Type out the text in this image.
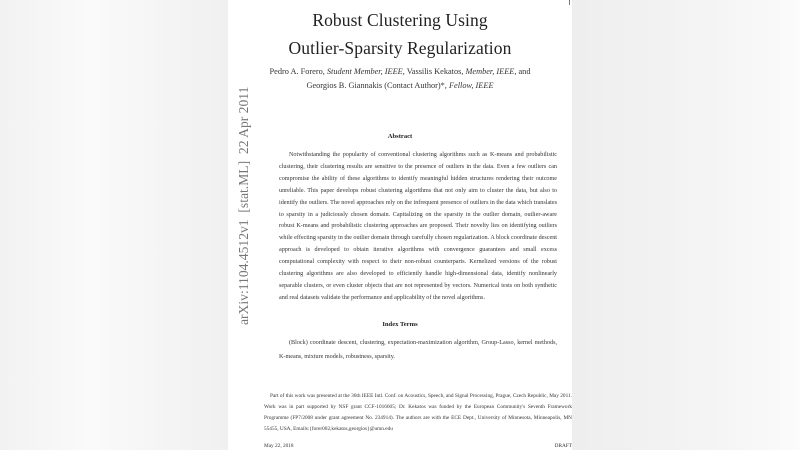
Robust Clustering Using
Outlier-Sparsity Regularization
Pedro A. Forero, Student Member, IEEE, Vassilis Kekatos, Member, IEEE, and
Georgios B. Giannakis (Contact Author)*, Fellow, IEEE
Abstract
Notwithstanding the popularity of conventional clustering algorithms such as K-means and probabilistic clustering, their clustering results are sensitive to the presence of outliers in the data. Even a few outliers can compromise the ability of these algorithms to identify meaningful hidden structures rendering their outcome unreliable. This paper develops robust clustering algorithms that not only aim to cluster the data, but also to identify the outliers. The novel approaches rely on the infrequent presence of outliers in the data which translates to sparsity in a judiciously chosen domain. Capitalizing on the sparsity in the outlier domain, outlier-aware robust K-means and probabilistic clustering approaches are proposed. Their novelty lies on identifying outliers while effecting sparsity in the outlier domain through carefully chosen regularization. A block coordinate descent approach is developed to obtain iterative algorithms with convergence guarantees and small excess computational complexity with respect to their non-robust counterparts. Kernelized versions of the robust clustering algorithms are also developed to efficiently handle high-dimensional data, identify nonlinearly separable clusters, or even cluster objects that are not represented by vectors. Numerical tests on both synthetic and real datasets validate the performance and applicability of the novel algorithms.
Index Terms
(Block) coordinate descent, clustering, expectation-maximization algorithm, Group-Lasso, kernel methods, K-means, mixture models, robustness, sparsity.
Part of this work was presented at the 36th IEEE Intl. Conf. on Acoustics, Speech, and Signal Processing, Prague, Czech Republic, May 2011. Work was in part supported by NSF grant CCF-1016605; Dr. Kekatos was funded by the European Community's Seventh Framework Programme (FP7/2008 under grant agreement No. 234914). The authors are with the ECE Dept., University of Minnesota, Minneapolis, MN 55455, USA, Emails:{forer002,kekatos,georgios}@umn.edu
May 22, 2018	DRAFT
arXiv:1104.4512v1  [stat.ML]  22 Apr 2011
